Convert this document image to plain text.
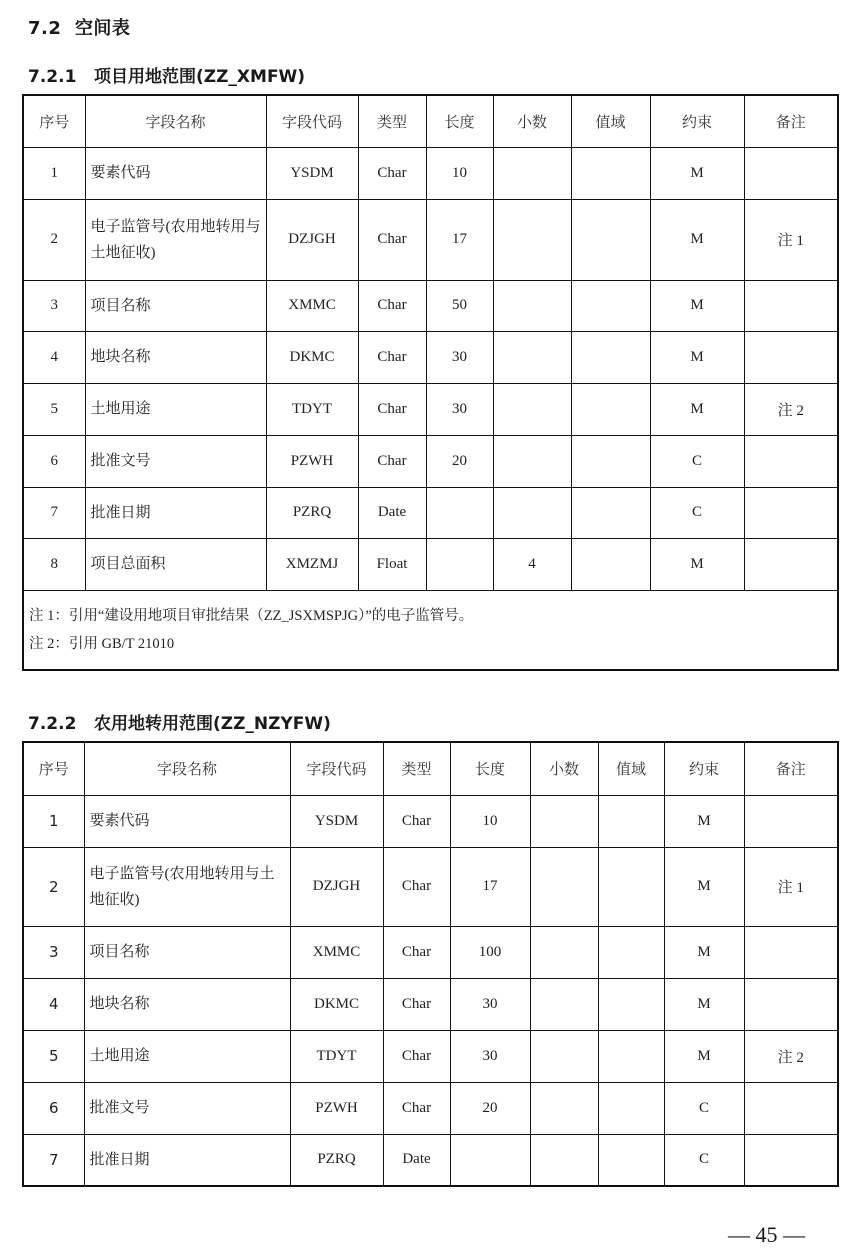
7.2 空间表
7.2.1 项目用地范围(ZZ_XMFW)
序号	字段名称	字段代码	类型	长度	小数	值域	约束	备注
1	要素代码	YSDM	Char	10			M	
2	电子监管号(农用地转用与土地征收)	DZJGH	Char	17			M	注 1
3	项目名称	XMMC	Char	50			M	
4	地块名称	DKMC	Char	30			M	
5	土地用途	TDYT	Char	30			M	注 2
6	批准文号	PZWH	Char	20			C	
7	批准日期	PZRQ	Date				C	
8	项目总面积	XMZMJ	Float		4		M	

注 1：引用“建设用地项目审批结果（ZZ_JSXMSPJG）”的电子监管号。
注 2：引用 GB/T 21010								
7.2.2 农用地转用范围(ZZ_NZYFW)
序号	字段名称	字段代码	类型	长度	小数	值域	约束	备注
1	要素代码	YSDM	Char	10			M	
2	电子监管号(农用地转用与土地征收)	DZJGH	Char	17			M	注 1
3	项目名称	XMMC	Char	100			M	
4	地块名称	DKMC	Char	30			M	
5	土地用途	TDYT	Char	30			M	注 2
6	批准文号	PZWH	Char	20			C	
7	批准日期	PZRQ	Date				C	
— 45 —
